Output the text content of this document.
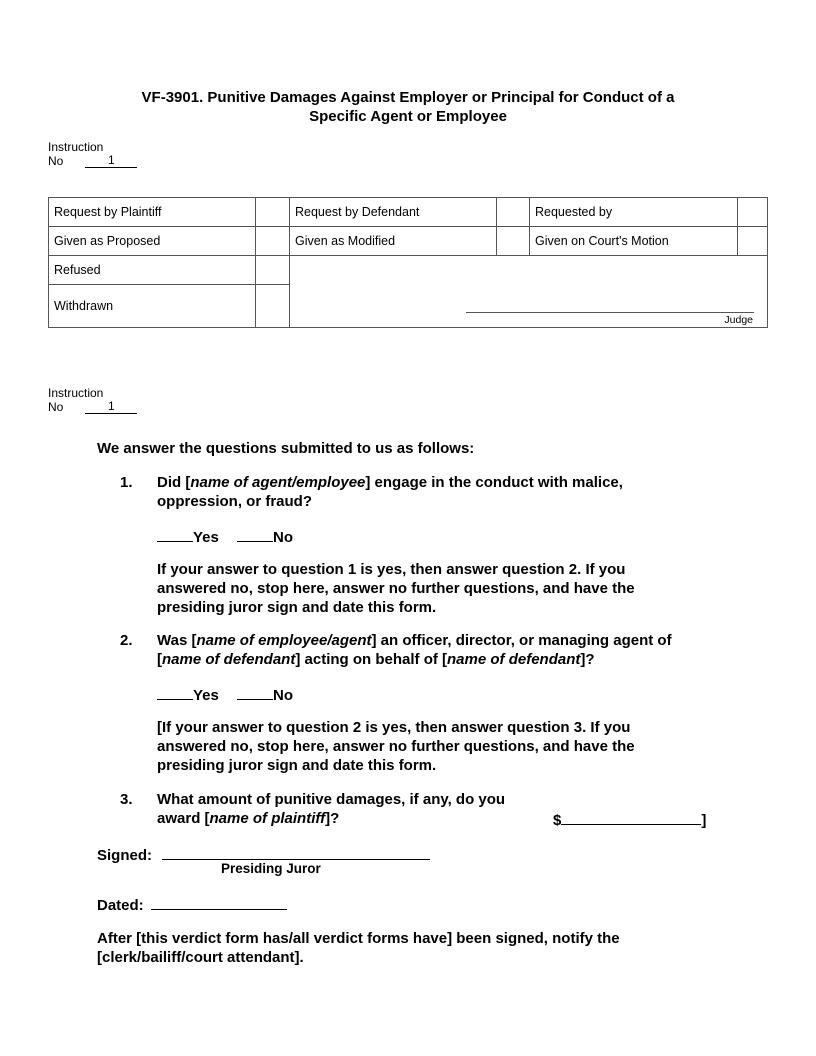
VF-3901. Punitive Damages Against Employer or Principal for Conduct of a
Specific Agent or Employee
Instruction
No	1
Request by Plaintiff	Request by Defendant	Requested by
Given as Proposed	Given as Modified	Given on Court's Motion
Refused
Withdrawn
Judge
Instruction
No	1
We answer the questions submitted to us as follows:
1. Did [name of agent/employee] engage in the conduct with malice,
oppression, or fraud?
Yes	No
If your answer to question 1 is yes, then answer question 2. If you
answered no, stop here, answer no further questions, and have the
presiding juror sign and date this form.
2. Was [name of employee/agent] an officer, director, or managing agent of
[name of defendant] acting on behalf of [name of defendant]?
Yes	No
[If your answer to question 2 is yes, then answer question 3. If you
answered no, stop here, answer no further questions, and have the
presiding juror sign and date this form.
3. What amount of punitive damages, if any, do you
award [name of plaintiff]?	$	]
Signed:
Presiding Juror
Dated:
After [this verdict form has/all verdict forms have] been signed, notify the
[clerk/bailiff/court attendant].
